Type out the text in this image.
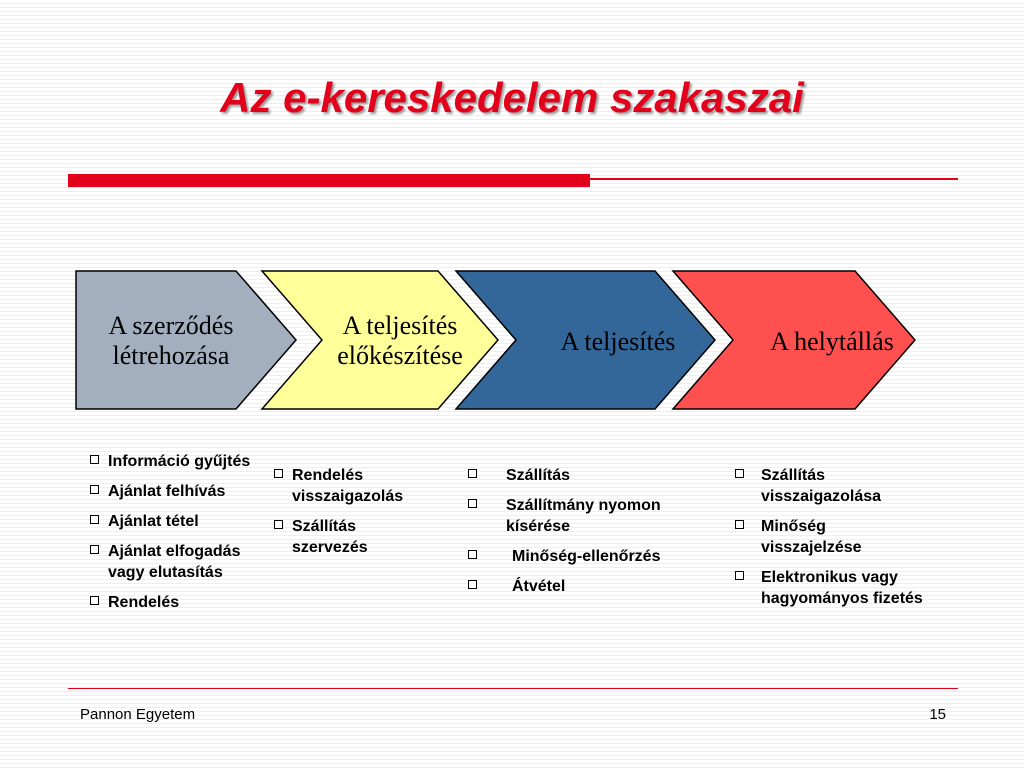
Az e-kereskedelem szakaszai
A szerződés
létrehozása
A teljesítés
előkészítése	A teljesítés	A helytállás
Információ gyűjtés
Ajánlat felhívás
Ajánlat tétel
Ajánlat elfogadás vagy elutasítás
Rendelés
Rendelés visszaigazolás
Szállítás szervezés
Szállítás
Szállítmány nyomon kísérése
Minőség-ellenőrzés
Átvétel
Szállítás visszaigazolása
Minőség visszajelzése
Elektronikus vagy hagyományos fizetés
Pannon Egyetem	15
